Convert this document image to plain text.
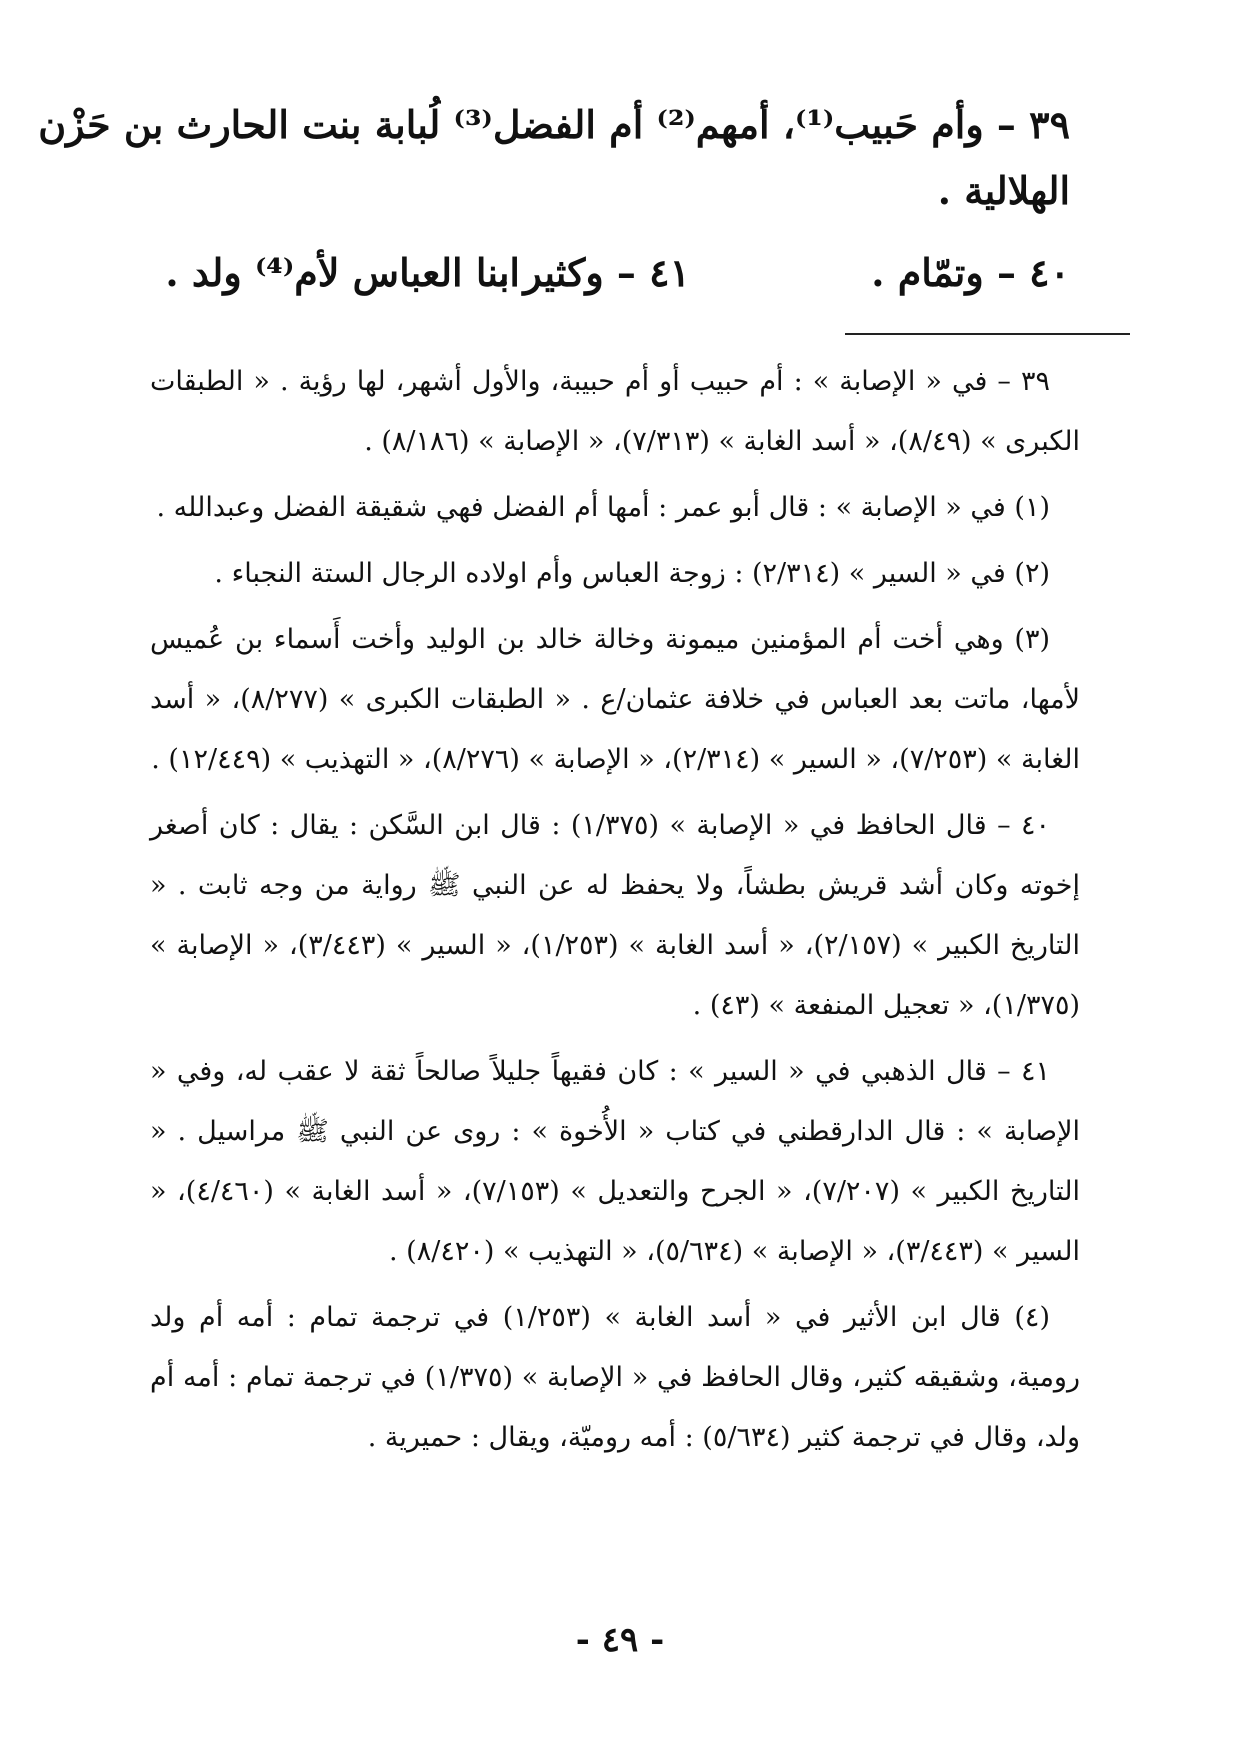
٣٩ – وأم حَبيب⁽¹⁾، أمهم⁽²⁾ أم الفضل⁽³⁾ لُبابة بنت الحارث بن حَزْن
الهلالية .
٤٠ – وتمّام .
٤١ – وكثير .
ابنا العباس لأم⁽⁴⁾ ولد .

٣٩ – في « الإصابة » : أم حبيب أو أم حبيبة، والأول أشهر، لها رؤية . « الطبقات الكبرى » (٨/٤٩)، « أسد الغابة » (٧/٣١٣)، « الإصابة » (٨/١٨٦) .

(١) في « الإصابة » : قال أبو عمر : أمها أم الفضل فهي شقيقة الفضل وعبدالله .

(٢) في « السير » (٢/٣١٤) : زوجة العباس وأم اولاده الرجال الستة النجباء .

(٣) وهي أخت أم المؤمنين ميمونة وخالة خالد بن الوليد وأخت أَسماء بن عُميس لأمها، ماتت بعد العباس في خلافة عثمان/ع . « الطبقات الكبرى » (٨/٢٧٧)، « أسد الغابة » (٧/٢٥٣)، « السير » (٢/٣١٤)، « الإصابة » (٨/٢٧٦)، « التهذيب » (١٢/٤٤٩) .

٤٠ – قال الحافظ في « الإصابة » (١/٣٧٥) : قال ابن السَّكن : يقال : كان أصغر إخوته وكان أشد قريش بطشاً، ولا يحفظ له عن النبي ﷺ رواية من وجه ثابت . « التاريخ الكبير » (٢/١٥٧)، « أسد الغابة » (١/٢٥٣)، « السير » (٣/٤٤٣)، « الإصابة » (١/٣٧٥)، « تعجيل المنفعة » (٤٣) .

٤١ – قال الذهبي في « السير » : كان فقيهاً جليلاً صالحاً ثقة لا عقب له، وفي « الإصابة » : قال الدارقطني في كتاب « الأُخوة » : روى عن النبي ﷺ مراسيل . « التاريخ الكبير » (٧/٢٠٧)، « الجرح والتعديل » (٧/١٥٣)، « أسد الغابة » (٤/٤٦٠)، « السير » (٣/٤٤٣)، « الإصابة » (٥/٦٣٤)، « التهذيب » (٨/٤٢٠) .

(٤) قال ابن الأثير في « أسد الغابة » (١/٢٥٣) في ترجمة تمام : أمه أم ولد رومية، وشقيقه كثير، وقال الحافظ في « الإصابة » (١/٣٧٥) في ترجمة تمام : أمه أم ولد، وقال في ترجمة كثير (٥/٦٣٤) : أمه روميّة، ويقال : حميرية .

- ٤٩ -
